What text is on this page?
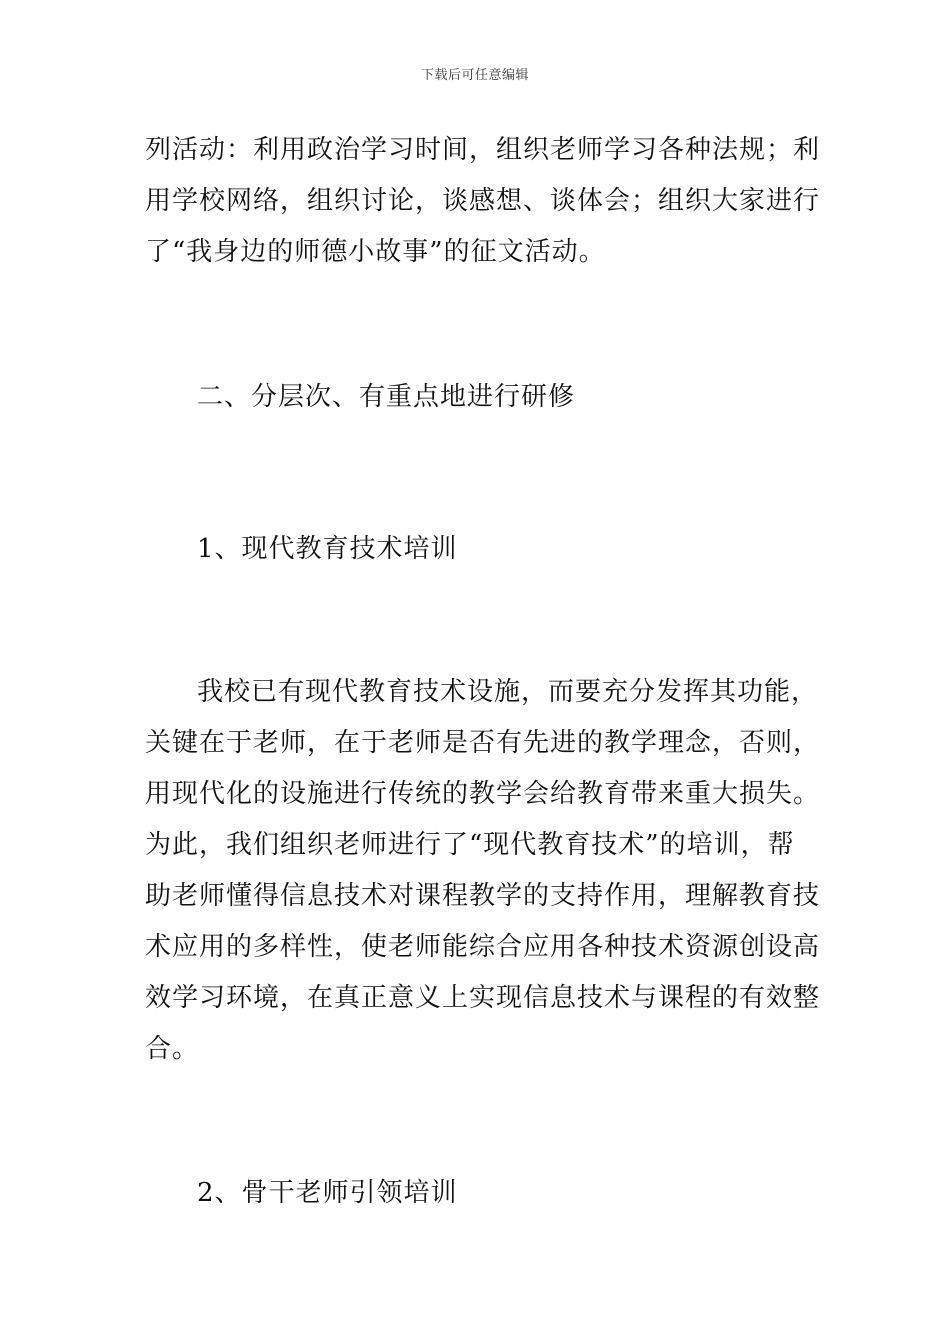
下载后可任意编辑
列活动：利用政治学习时间，组织老师学习各种法规；利
用学校网络，组织讨论，谈感想、谈体会；组织大家进行
了“我身边的师德小故事”的征文活动。
二、分层次、有重点地进行研修
1、现代教育技术培训
我校已有现代教育技术设施，而要充分发挥其功能，
关键在于老师，在于老师是否有先进的教学理念，否则，
用现代化的设施进行传统的教学会给教育带来重大损失。
为此，我们组织老师进行了“现代教育技术”的培训，帮
助老师懂得信息技术对课程教学的支持作用，理解教育技
术应用的多样性，使老师能综合应用各种技术资源创设高
效学习环境，在真正意义上实现信息技术与课程的有效整
合。
2、骨干老师引领培训
